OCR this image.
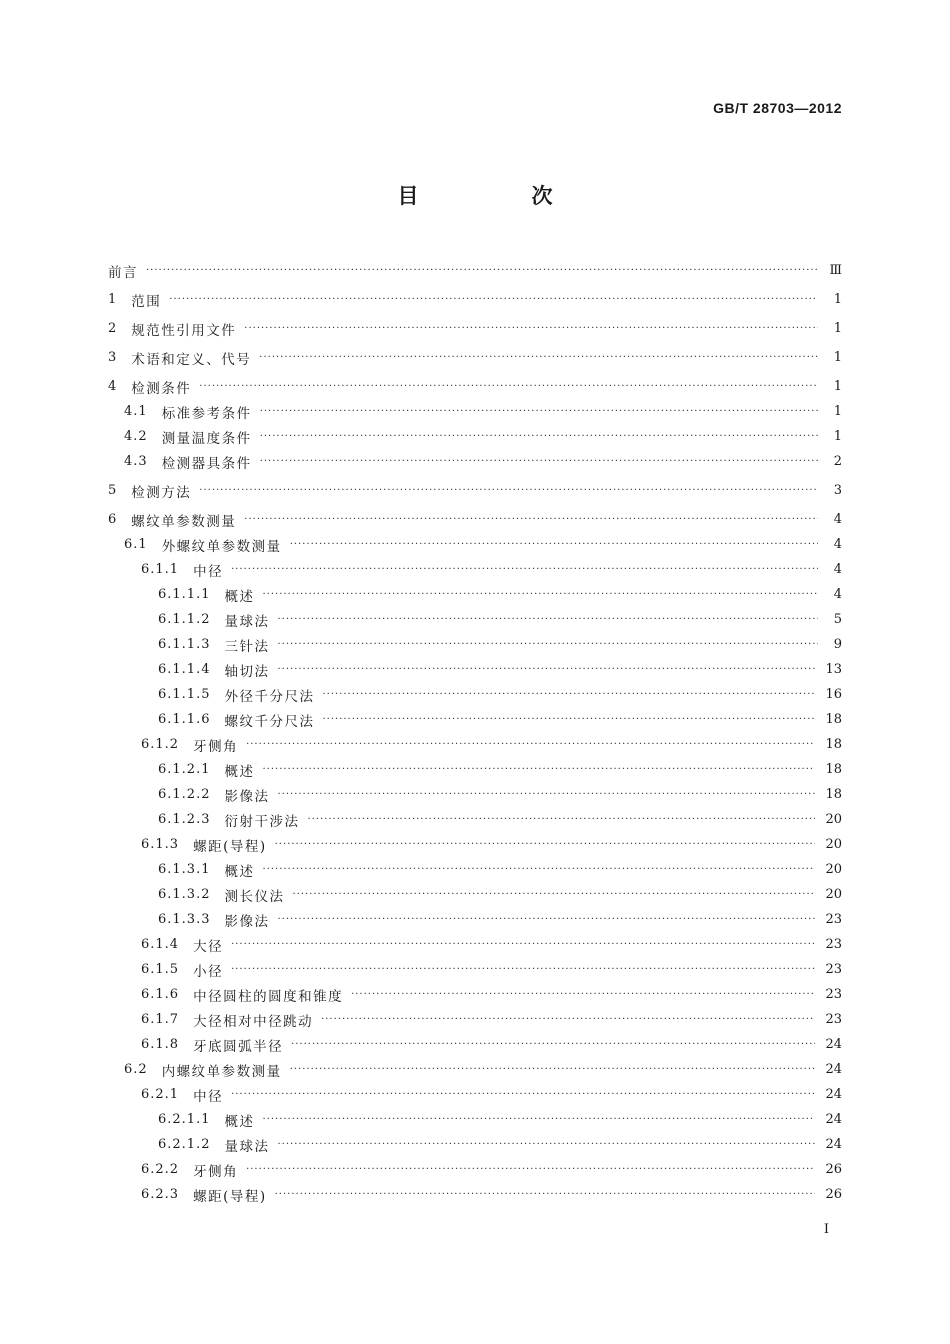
GB/T 28703—2012
目　次
前言 ·····	Ⅲ
1 范围 ·····	1
2 规范性引用文件 ·····	1
3 术语和定义、代号 ·····	1
4 检测条件 ·····	1
4.1 标准参考条件 ·····	1
4.2 测量温度条件 ·····	1
4.3 检测器具条件 ·····	2
5 检测方法 ·····	3
6 螺纹单参数测量 ·····	4
6.1 外螺纹单参数测量 ·····	4
6.1.1 中径 ·····	4
6.1.1.1 概述 ·····	4
6.1.1.2 量球法 ·····	5
6.1.1.3 三针法 ·····	9
6.1.1.4 轴切法 ·····	13
6.1.1.5 外径千分尺法 ·····	16
6.1.1.6 螺纹千分尺法 ·····	18
6.1.2 牙侧角 ·····	18
6.1.2.1 概述 ·····	18
6.1.2.2 影像法 ·····	18
6.1.2.3 衍射干涉法 ·····	20
6.1.3 螺距(导程) ·····	20
6.1.3.1 概述 ·····	20
6.1.3.2 测长仪法 ·····	20
6.1.3.3 影像法 ·····	23
6.1.4 大径 ·····	23
6.1.5 小径 ·····	23
6.1.6 中径圆柱的圆度和锥度 ·····	23
6.1.7 大径相对中径跳动 ·····	23
6.1.8 牙底圆弧半径 ·····	24
6.2 内螺纹单参数测量 ·····	24
6.2.1 中径 ·····	24
6.2.1.1 概述 ·····	24
6.2.1.2 量球法 ·····	24
6.2.2 牙侧角 ·····	26
6.2.3 螺距(导程) ·····	26
I
